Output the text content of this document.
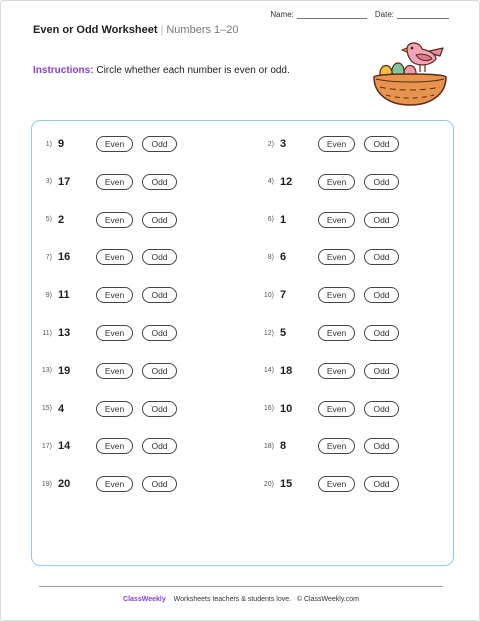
Name:	Date:
Even or Odd Worksheet | Numbers 1–20
Instructions: Circle whether each number is even or odd.
1) 9	Even	Odd	2) 3	Even	Odd
3) 17	Even	Odd	4) 12	Even	Odd
5) 2	Even	Odd	6) 1	Even	Odd
7) 16	Even	Odd	8) 6	Even	Odd
9) 11	Even	Odd	10) 7	Even	Odd
11) 13	Even	Odd	12) 5	Even	Odd
13) 19	Even	Odd	14) 18	Even	Odd
15) 4	Even	Odd	16) 10	Even	Odd
17) 14	Even	Odd	18) 8	Even	Odd
19) 20	Even	Odd	20) 15	Even	Odd
ClassWeekly Worksheets teachers & students love. © ClassWeekly.com
